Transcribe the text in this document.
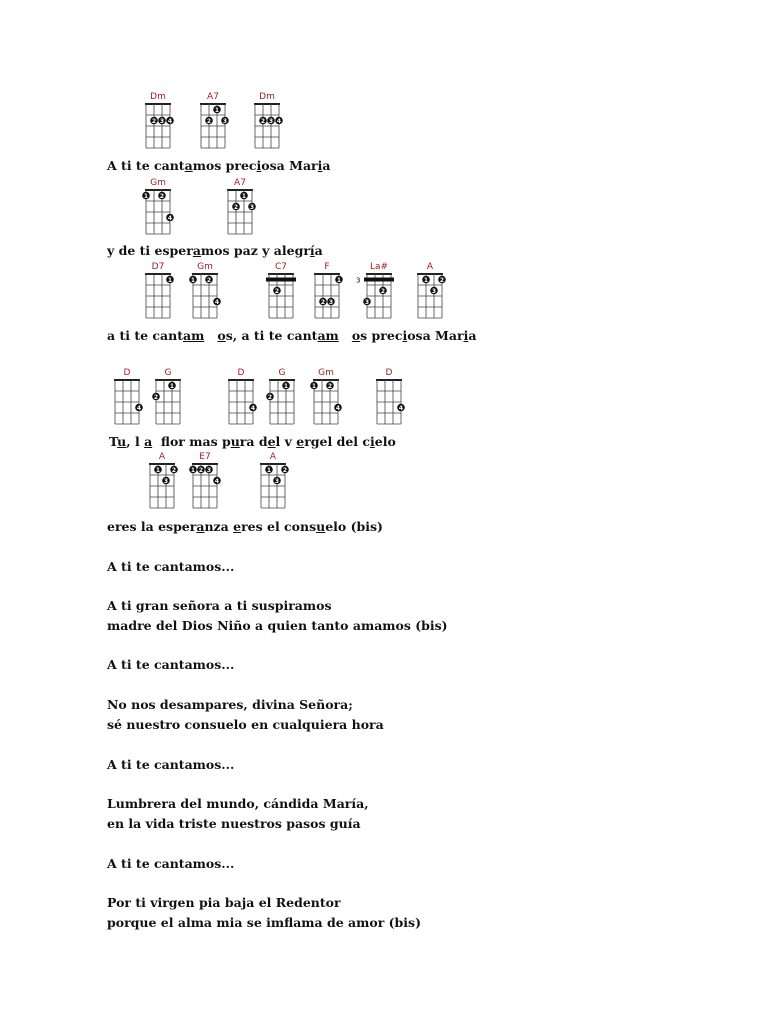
Dm
2 3 4
A7
1
2 3
Dm
2 3 4
Gm
1 2
4
A7
1
2 3
D7
1
Gm
1 2
4
C7
2
F
1
2 3
La#
3
2
3
A
1 2
3
D
4
G
1
2
D
4
G
1
2
Gm
1 2
4
D
4
A
1 2
3
E7
1 2 3
4
A
1 2
3
A ti te cantamos preciosa Maria
y de ti esperamos paz y alegría
a ti te cantam os, a ti te cantam os preciosa Maria
Tu, l a  flor mas pura del v ergel del cielo
eres la esperanza eres el consuelo (bis)
A ti te cantamos...
A ti gran señora a ti suspiramos
madre del Dios Niño a quien tanto amamos (bis)
A ti te cantamos...
No nos desampares, divina Señora;
sé nuestro consuelo en cualquiera hora
A ti te cantamos...
Lumbrera del mundo, cándida María,
en la vida triste nuestros pasos guía
A ti te cantamos...
Por ti virgen pia baja el Redentor
porque el alma mia se imflama de amor (bis)
